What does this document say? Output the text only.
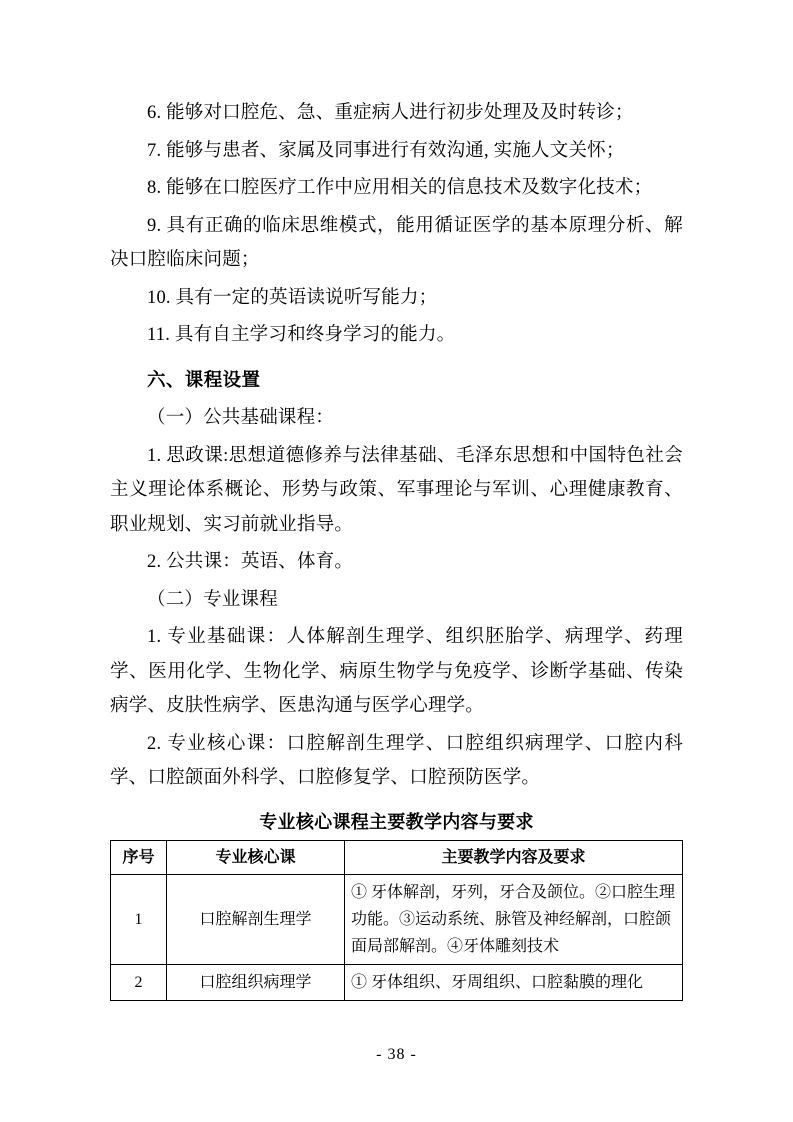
6. 能够对口腔危、急、重症病人进行初步处理及及时转诊；

7. 能够与患者、家属及同事进行有效沟通, 实施人文关怀；

8. 能够在口腔医疗工作中应用相关的信息技术及数字化技术；

9. 具有正确的临床思维模式，能用循证医学的基本原理分析、解决口腔临床问题；

10. 具有一定的英语读说听写能力；

11. 具有自主学习和终身学习的能力。

六、课程设置

（一）公共基础课程：

1. 思政课:思想道德修养与法律基础、毛泽东思想和中国特色社会主义理论体系概论、形势与政策、军事理论与军训、心理健康教育、职业规划、实习前就业指导。

2. 公共课：英语、体育。

（二）专业课程

1. 专业基础课：人体解剖生理学、组织胚胎学、病理学、药理学、医用化学、生物化学、病原生物学与免疫学、诊断学基础、传染病学、皮肤性病学、医患沟通与医学心理学。

2. 专业核心课：口腔解剖生理学、口腔组织病理学、口腔内科学、口腔颌面外科学、口腔修复学、口腔预防医学。

专业核心课程主要教学内容与要求

序号	专业核心课	主要教学内容及要求
1	口腔解剖生理学	① 牙体解剖，牙列，牙合及颌位。②口腔生理功能。③运动系统、脉管及神经解剖，口腔颌面局部解剖。④牙体雕刻技术
2	口腔组织病理学	① 牙体组织、牙周组织、口腔黏膜的理化
- 38 -
